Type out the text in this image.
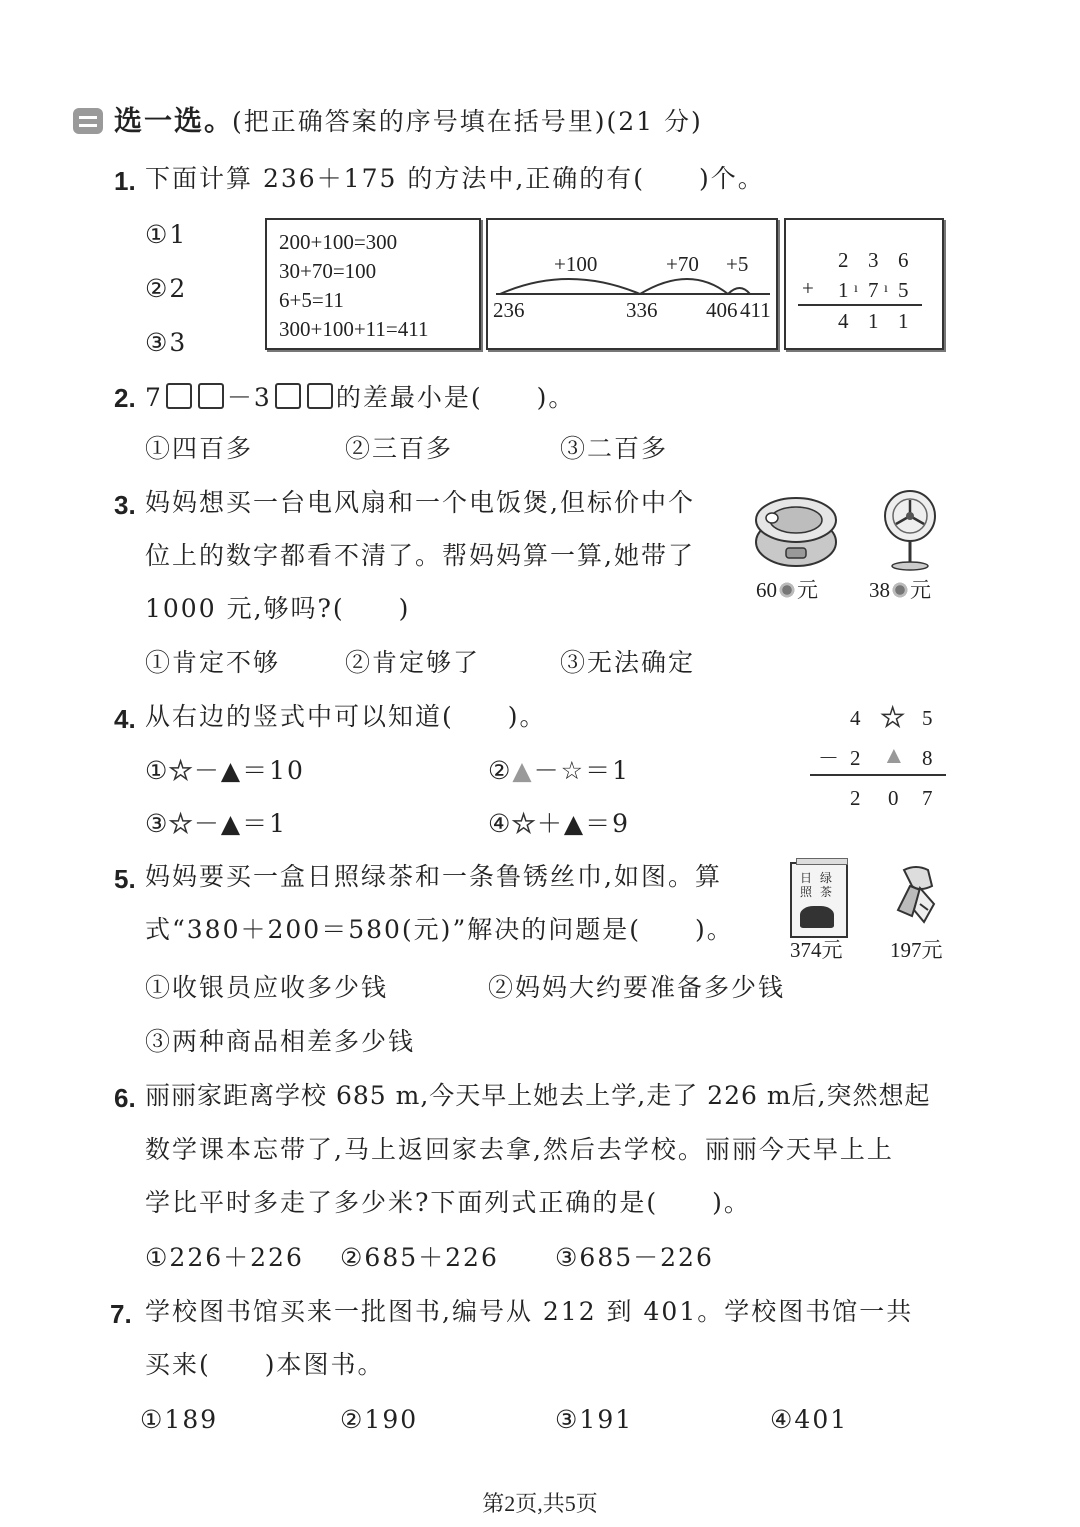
选一选。
(把正确答案的序号填在括号里)(21 分)
1. 下面计算 236＋175 的方法中,正确的有(　　)个。
①1
②2
③3
200+100=300
30+70=100
6+5=11
300+100+11=411
+100	+70 +5
236	336 406 411
2 3 6
+ 1 7 5
ı ı
4 1 1
2. 7	－3	的差最小是(　　)。
①四百多	②三百多	③二百多
3. 妈妈想买一台电风扇和一个电饭煲,但标价中个
位上的数字都看不清了。帮妈妈算一算,她带了
1000 元,够吗?(　　)
①肯定不够	②肯定够了	③无法确定
60 元 38 元
4. 从右边的竖式中可以知道(　　)。
①★－▲＝10	②▲－☆＝1
③★－▲＝1	④★＋▲＝9
4 ★ 5
－ 2 ▲ 8
2 0 7
5. 妈妈要买一盒日照绿茶和一条鲁锈丝巾,如图。算
式“380＋200＝580(元)”解决的问题是(　　)。
①收银员应收多少钱	②妈妈大约要准备多少钱
③两种商品相差多少钱
日
照
绿
茶
374元 197元
6. 丽丽家距离学校 685 m,今天早上她去上学,走了 226 m后,突然想起
数学课本忘带了,马上返回家去拿,然后去学校。丽丽今天早上上
学比平时多走了多少米?下面列式正确的是(　　)。
①226＋226 ②685＋226 ③685－226
7. 学校图书馆买来一批图书,编号从 212 到 401。学校图书馆一共
买来(　　)本图书。
①189	②190	③191	④401
第2页,共5页
